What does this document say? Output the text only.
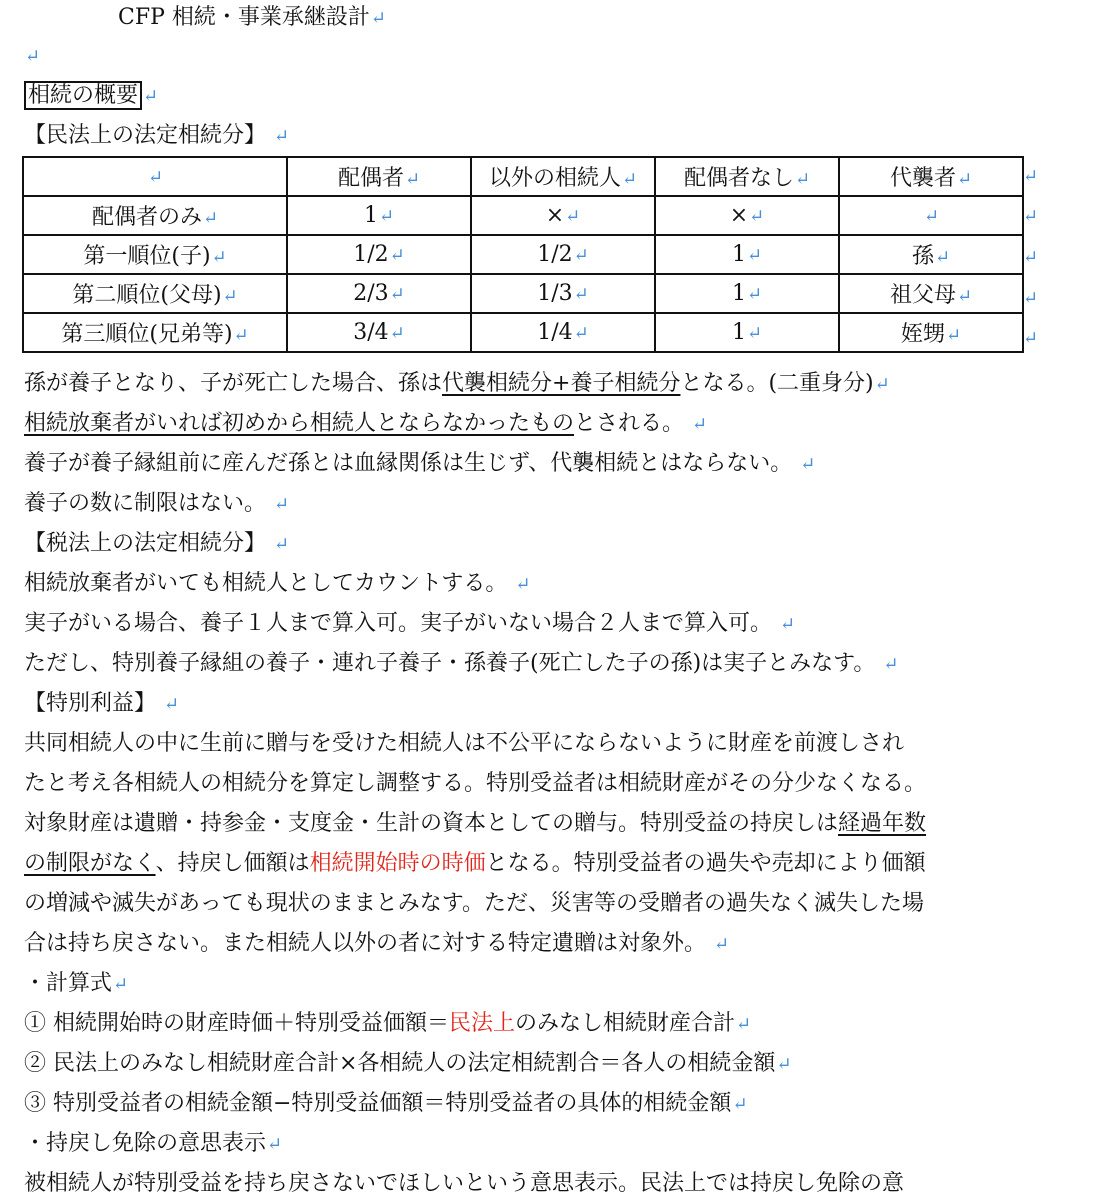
CFP 相続・事業承継設計↵
↵
相続の概要 ↵
【民法上の法定相続分】 ↵
↵	配偶者↵	以外の相続人↵	配偶者なし↵	代襲者↵
配偶者のみ↵	1↵	×↵	×↵	↵
第一順位(子)↵	1/2↵	1/2↵	1↵	孫↵
第二順位(父母)↵	2/3↵	1/3↵	1↵	祖父母↵
第三順位(兄弟等)↵	3/4↵	1/4↵	1↵	姪甥↵
↵
↵
↵
↵
↵
孫が養子となり、子が死亡した場合、孫は代襲相続分+養子相続分となる。(二重身分)↵
相続放棄者がいれば初めから相続人とならなかったものとされる。 ↵
養子が養子縁組前に産んだ孫とは血縁関係は生じず、代襲相続とはならない。 ↵
養子の数に制限はない。 ↵
【税法上の法定相続分】 ↵
相続放棄者がいても相続人としてカウントする。 ↵
実子がいる場合、養子１人まで算入可。実子がいない場合２人まで算入可。 ↵
ただし、特別養子縁組の養子・連れ子養子・孫養子(死亡した子の孫)は実子とみなす。 ↵
【特別利益】 ↵
共同相続人の中に生前に贈与を受けた相続人は不公平にならないように財産を前渡しされ
たと考え各相続人の相続分を算定し調整する。特別受益者は相続財産がその分少なくなる。
対象財産は遺贈・持参金・支度金・生計の資本としての贈与。特別受益の持戻しは経過年数
の制限がなく、持戻し価額は相続開始時の時価となる。特別受益者の過失や売却により価額
の増減や滅失があっても現状のままとみなす。ただ、災害等の受贈者の過失なく滅失した場
合は持ち戻さない。また相続人以外の者に対する特定遺贈は対象外。 ↵
・計算式↵
① 相続開始時の財産時価＋特別受益価額＝民法上のみなし相続財産合計↵
② 民法上のみなし相続財産合計×各相続人の法定相続割合＝各人の相続金額↵
③ 特別受益者の相続金額−特別受益価額＝特別受益者の具体的相続金額↵
・持戻し免除の意思表示↵
被相続人が特別受益を持ち戻さないでほしいという意思表示。民法上では持戻し免除の意
